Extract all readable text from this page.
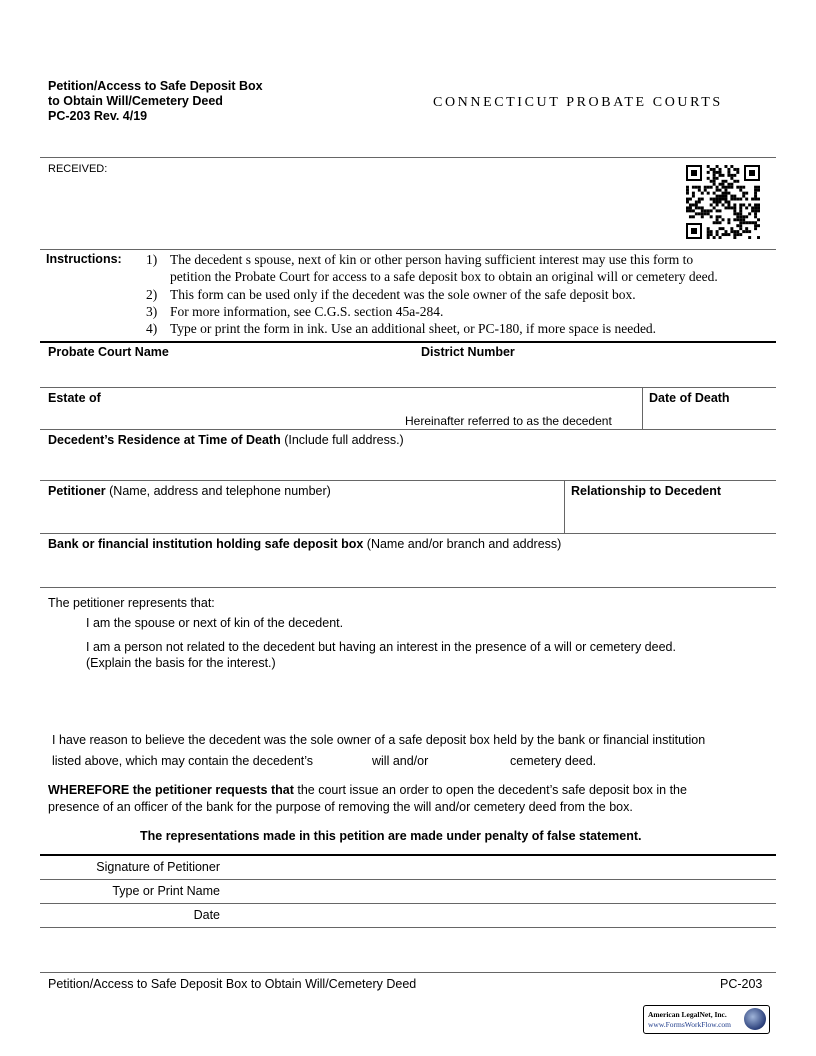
Petition/Access to Safe Deposit Box
to Obtain Will/Cemetery Deed
PC-203 Rev. 4/19
CONNECTICUT PROBATE COURTS
RECEIVED:
Instructions: 1) The decedent s spouse, next of kin or other person having sufficient interest may use this form to
petition the Probate Court for access to a safe deposit box to obtain an original will or cemetery deed.
2) This form can be used only if the decedent was the sole owner of the safe deposit box.
3) For more information, see C.G.S. section 45a-284.
4) Type or print the form in ink. Use an additional sheet, or PC-180, if more space is needed.
Probate Court Name	District Number
Estate of
Hereinafter referred to as the decedent
Date of Death
Decedent’s Residence at Time of Death (Include full address.)
Petitioner (Name, address and telephone number)	Relationship to Decedent
Bank or financial institution holding safe deposit box (Name and/or branch and address)
The petitioner represents that:
I am the spouse or next of kin of the decedent.
I am a person not related to the decedent but having an interest in the presence of a will or cemetery deed.
(Explain the basis for the interest.)
I have reason to believe the decedent was the sole owner of a safe deposit box held by the bank or financial institution
listed above, which may contain the decedent’s	will and/or	cemetery deed.
WHEREFORE the petitioner requests that the court issue an order to open the decedent’s safe deposit box in the
presence of an officer of the bank for the purpose of removing the will and/or cemetery deed from the box.
The representations made in this petition are made under penalty of false statement.
Signature of Petitioner
Type or Print Name
Date
Petition/Access to Safe Deposit Box to Obtain Will/Cemetery Deed	PC-203
American LegalNet, Inc.
www.FormsWorkFlow.com
